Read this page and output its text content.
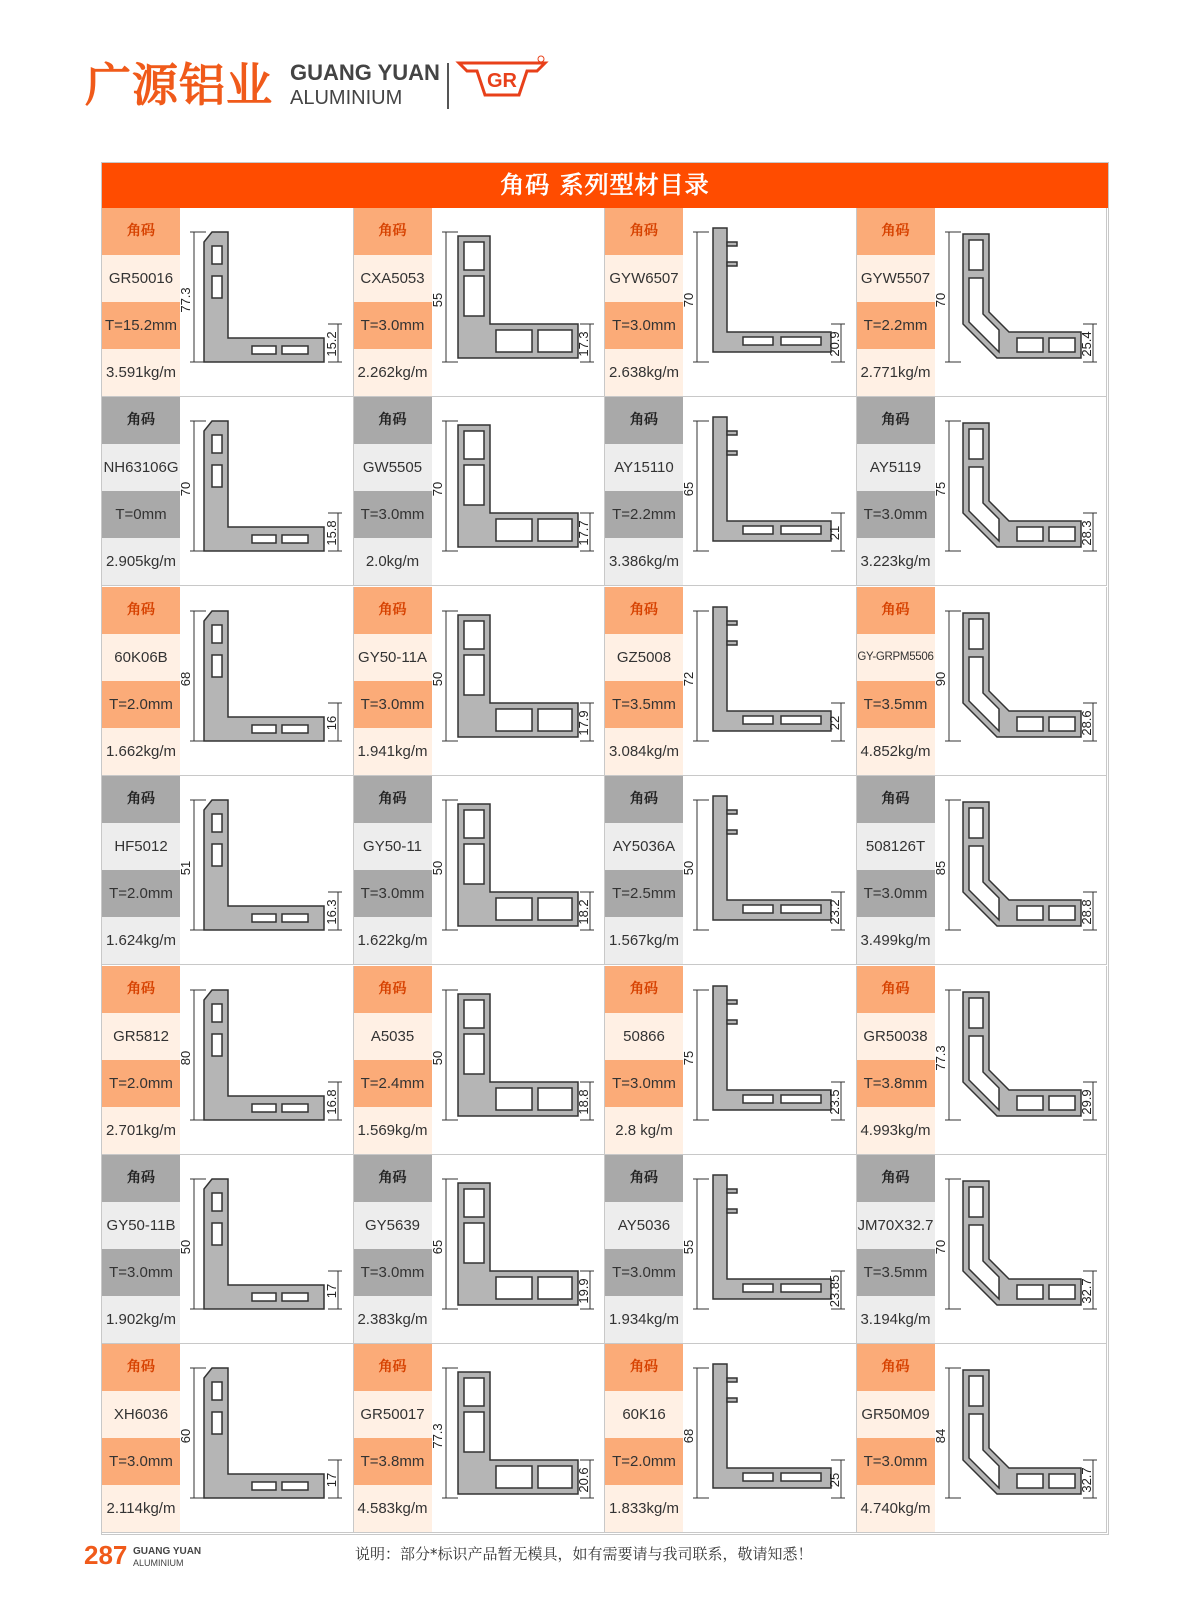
广源铝业 GUANG YUAN
ALUMINIUM
GR
角码 系列型材目录
角码
GR50016
T=15.2mm
3.591kg/m
77.3
15.2
角码
CXA5053
T=3.0mm
2.262kg/m
55
17.3
角码
GYW6507
T=3.0mm
2.638kg/m
70
20.9
角码
GYW5507
T=2.2mm
2.771kg/m
70
25.4
角码
NH63106G
T=0mm
2.905kg/m
70
15.8
角码
GW5505
T=3.0mm
2.0kg/m
70
17.7
角码
AY15110
T=2.2mm
3.386kg/m
65
21
角码
AY5119
T=3.0mm
3.223kg/m
75
28.3
角码
60K06B
T=2.0mm
1.662kg/m
68
16
角码
GY50-11A
T=3.0mm
1.941kg/m
50
17.9
角码
GZ5008
T=3.5mm
3.084kg/m
72
22
角码
GY-GRPM5506
T=3.5mm
4.852kg/m
90
28.6
角码
HF5012
T=2.0mm
1.624kg/m
51
16.3
角码
GY50-11
T=3.0mm
1.622kg/m
50
18.2
角码
AY5036A
T=2.5mm
1.567kg/m
50
23.2
角码
508126T
T=3.0mm
3.499kg/m
85
28.8
角码
GR5812
T=2.0mm
2.701kg/m
80
16.8
角码
A5035
T=2.4mm
1.569kg/m
50
18.8
角码
50866
T=3.0mm
2.8 kg/m
75
23.5
角码
GR50038
T=3.8mm
4.993kg/m
77.3
29.9
角码
GY50-11B
T=3.0mm
1.902kg/m
50
17
角码
GY5639
T=3.0mm
2.383kg/m
65
19.9
角码
AY5036
T=3.0mm
1.934kg/m
55
23.85
角码
JM70X32.7
T=3.5mm
3.194kg/m
70
32.7
角码
XH6036
T=3.0mm
2.114kg/m
60
17
角码
GR50017
T=3.8mm
4.583kg/m
77.3
20.6
角码
60K16
T=2.0mm
1.833kg/m
68
25
角码
GR50M09
T=3.0mm
4.740kg/m
84
32.7
287 GUANG YUAN
ALUMINIUM	说明：部分*标识产品暂无模具，如有需要请与我司联系，敬请知悉！
